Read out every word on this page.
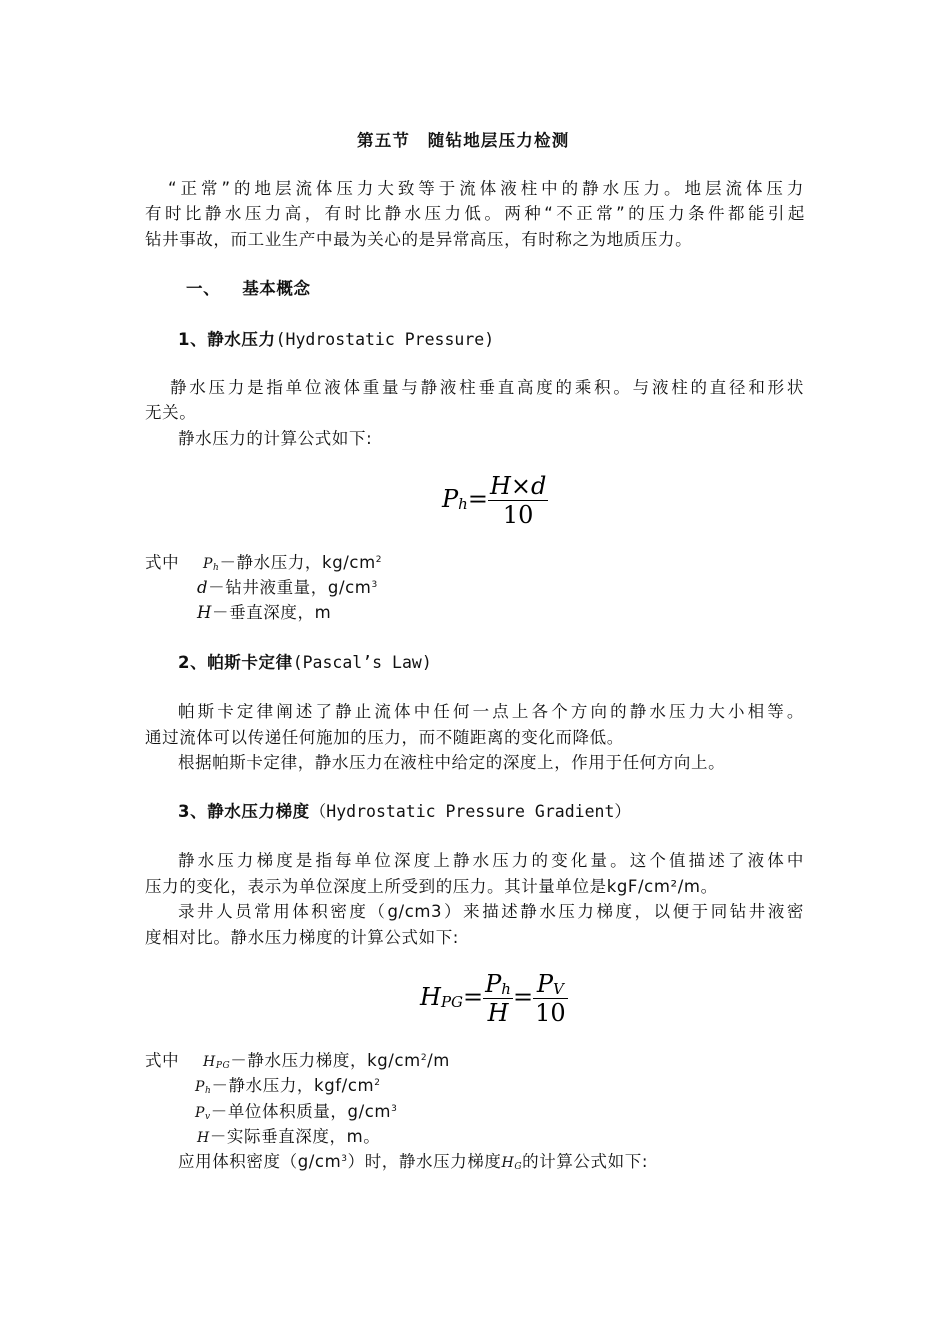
第五节　随钻地层压力检测
“正常”的地层流体压力大致等于流体液柱中的静水压力。地层流体压力
有时比静水压力高，有时比静水压力低。两种“不正常”的压力条件都能引起
钻井事故，而工业生产中最为关心的是异常高压，有时称之为地质压力。
一、 基本概念
1、静水压力(Hydrostatic Pressure)
静水压力是指单位液体重量与静液柱垂直高度的乘积。与液柱的直径和形状
无关。
静水压力的计算公式如下:
$P_h= \frac{H\times d}{10}$
式中 $P_h-$静水压力，$kg/cm^2$
d－钻井液重量，$g/cm^3$
H－垂直深度，m
2、帕斯卡定律(Pascal’s Law)
帕斯卡定律阐述了静止流体中任何一点上各个方向的静水压力大小相等。
通过流体可以传递任何施加的压力，而不随距离的变化而降低。
根据帕斯卡定律，静水压力在液柱中给定的深度上，作用于任何方向上。
3、静水压力梯度（Hydrostatic Pressure Gradient）
静水压力梯度是指每单位深度上静水压力的变化量。这个值描述了液体中
压力的变化，表示为单位深度上所受到的压力。其计量单位是kgF/cm²/m。
录井人员常用体积密度（g/cm3）来描述静水压力梯度，以便于同钻井液密
度相对比。静水压力梯度的计算公式如下:
$H_{PG}= \frac{P_h}{H} = \frac{P_V}{10}$
式中 $H_{PG}-$静水压力梯度，$kg/cm^2/m$
$P_h-$静水压力，kgf/$cm^2$
$P_v-$单位体积质量，$g/cm^3$
H－实际垂直深度，m。
应用体积密度$(g/cm^3)$时，静水压力梯度$H_G$的计算公式如下:
